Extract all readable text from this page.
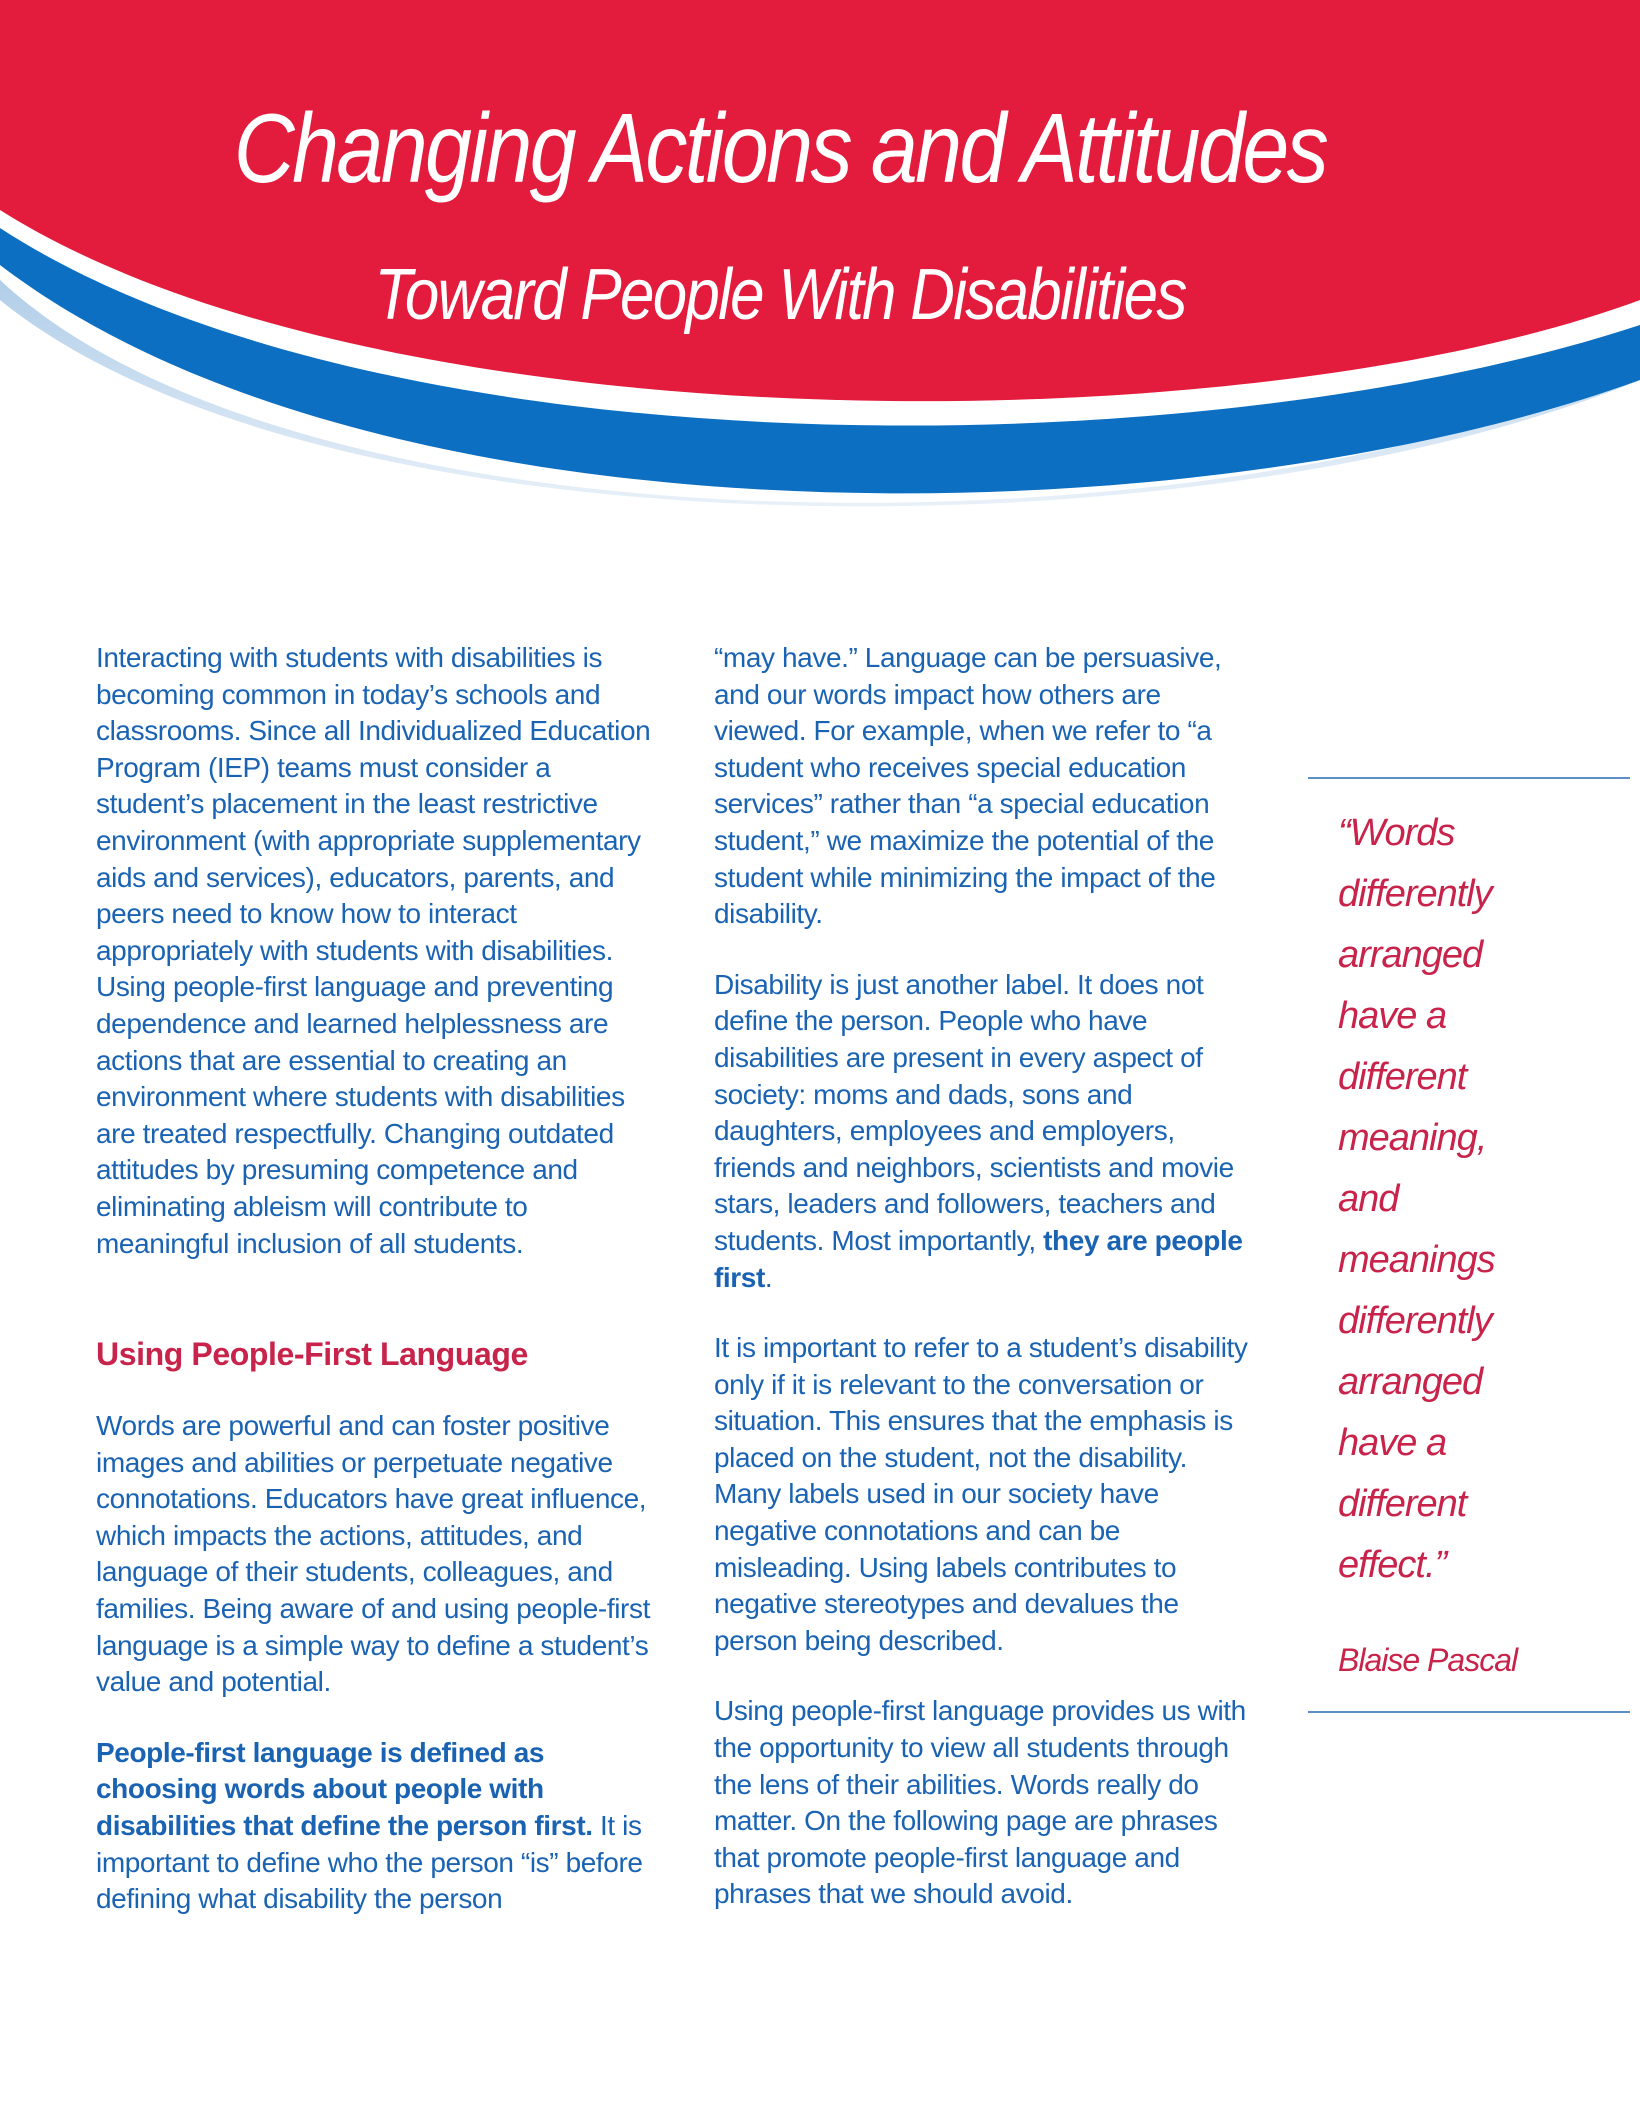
Changing Actions and Attitudes
Toward People With Disabilities

Interacting with students with disabilities is becoming common in today’s schools and classrooms. Since all Individualized Education Program (IEP) teams must consider a student’s placement in the least restrictive environment (with appropriate supplementary aids and services), educators, parents, and peers need to know how to interact appropriately with students with disabilities. Using people-first language and preventing dependence and learned helplessness are actions that are essential to creating an environment where students with disabilities are treated respectfully. Changing outdated attitudes by presuming competence and eliminating ableism will contribute to meaningful inclusion of all students.

Using People-First Language

Words are powerful and can foster positive images and abilities or perpetuate negative connotations. Educators have great influence, which impacts the actions, attitudes, and language of their students, colleagues, and families. Being aware of and using people-first language is a simple way to define a student’s value and potential.

People-first language is defined as choosing words about people with disabilities that define the person first. It is important to define who the person “is” before defining what disability the person

“may have.” Language can be persuasive, and our words impact how others are viewed. For example, when we refer to “a student who receives special education services” rather than “a special education student,” we maximize the potential of the student while minimizing the impact of the disability.

Disability is just another label. It does not define the person. People who have disabilities are present in every aspect of society: moms and dads, sons and daughters, employees and employers, friends and neighbors, scientists and movie stars, leaders and followers, teachers and students. Most importantly, they are people first.

It is important to refer to a student’s disability only if it is relevant to the conversation or situation. This ensures that the emphasis is placed on the student, not the disability. Many labels used in our society have negative connotations and can be misleading. Using labels contributes to negative stereotypes and devalues the person being described.

Using people-first language provides us with the opportunity to view all students through the lens of their abilities. Words really do matter. On the following page are phrases that promote people-first language and phrases that we should avoid.

“Words
differently
arranged
have a
different
meaning,
and
meanings
differently
arranged
have a
different
effect.”
Blaise Pascal
